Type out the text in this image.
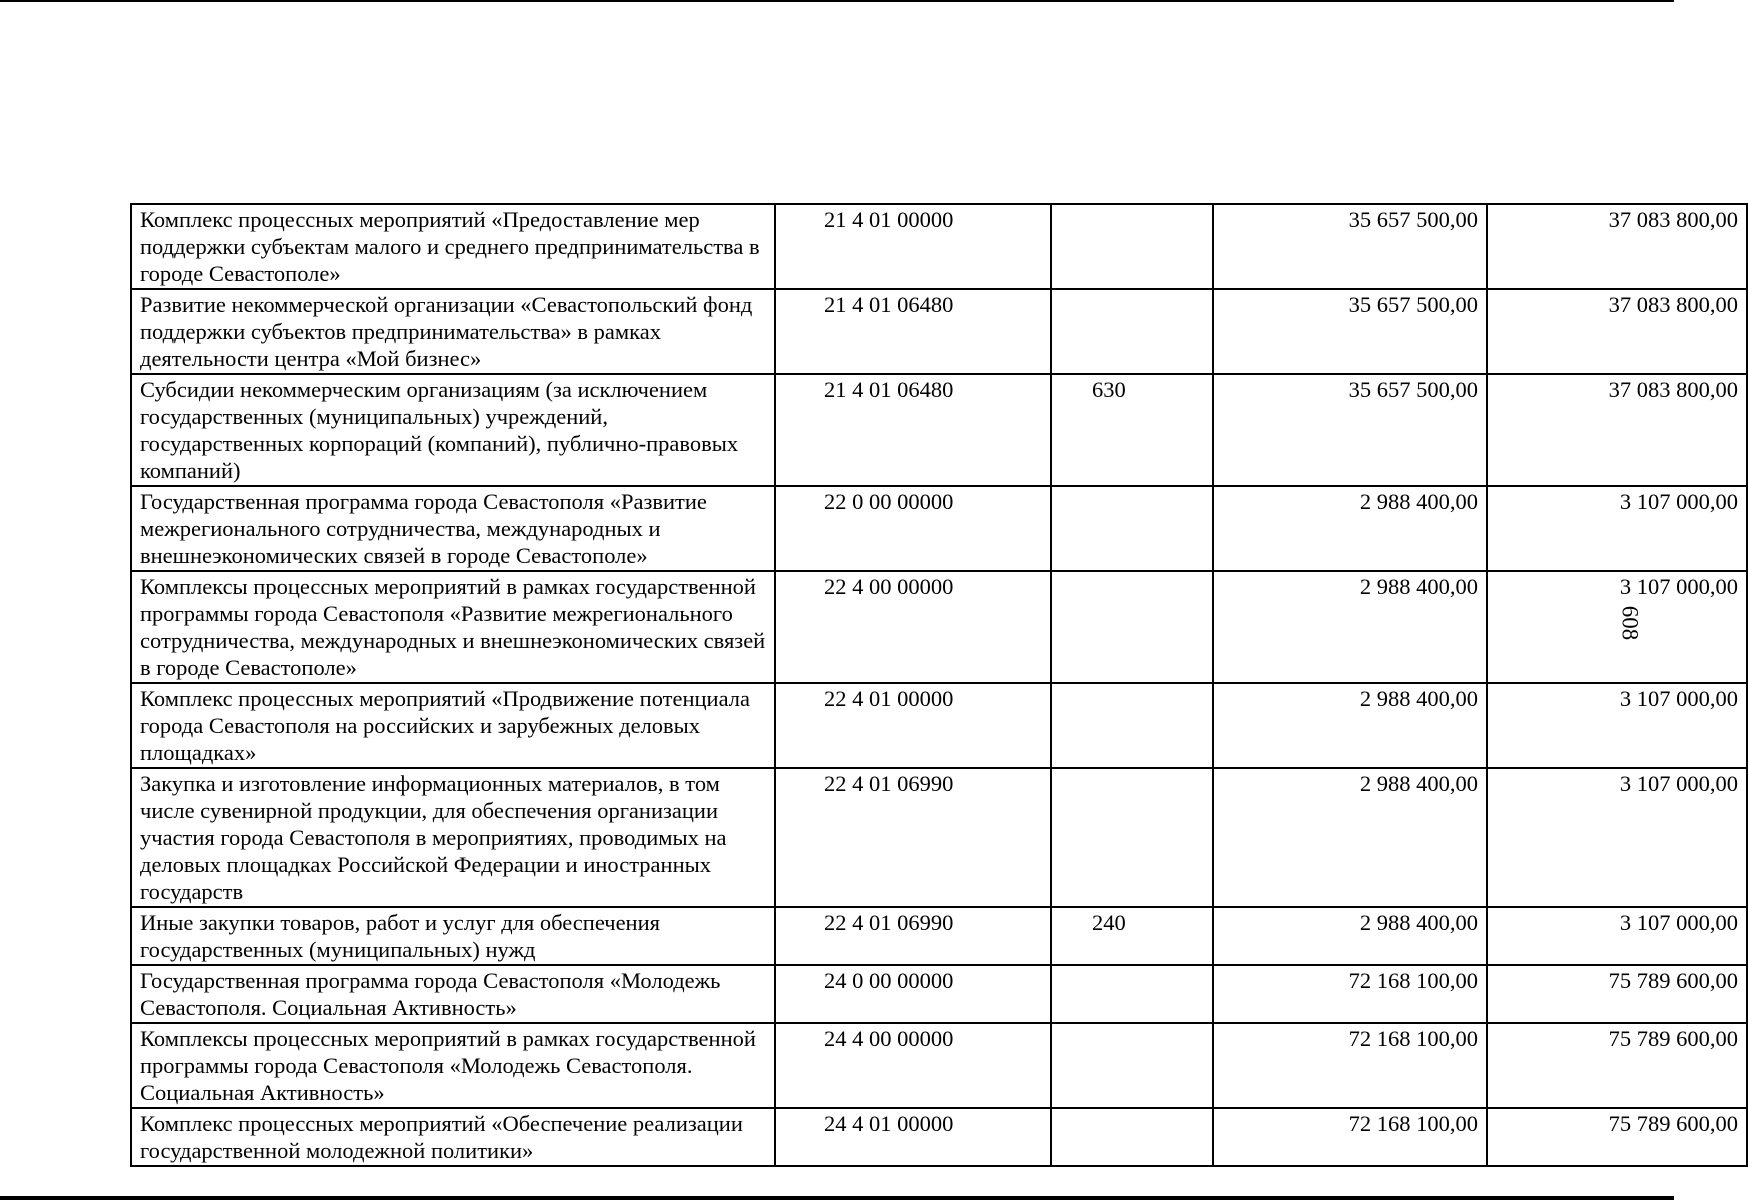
Комплекс процессных мероприятий «Предоставление мер поддержки субъектам малого и среднего предпринимательства в городе Севастополе»	21 4 01 00000		35 657 500,00	37 083 800,00
Развитие некоммерческой организации «Севастопольский фонд поддержки субъектов предпринимательства» в рамках деятельности центра «Мой бизнес»	21 4 01 06480		35 657 500,00	37 083 800,00
Субсидии некоммерческим организациям (за исключением государственных (муниципальных) учреждений, государственных корпораций (компаний), публично-правовых компаний)	21 4 01 06480	630	35 657 500,00	37 083 800,00
Государственная программа города Севастополя «Развитие межрегионального сотрудничества, международных и внешнеэкономических связей в городе Севастополе»	22 0 00 00000		2 988 400,00	3 107 000,00
Комплексы процессных мероприятий в рамках государственной программы города Севастополя «Развитие межрегионального сотрудничества, международных и внешнеэкономических связей в городе Севастополе»	22 4 00 00000		2 988 400,00	3 107 000,00
Комплекс процессных мероприятий «Продвижение потенциала города Севастополя на российских и зарубежных деловых площадках»	22 4 01 00000		2 988 400,00	3 107 000,00
Закупка и изготовление информационных материалов, в том числе сувенирной продукции, для обеспечения организации участия города Севастополя в мероприятиях, проводимых на деловых площадках Российской Федерации и иностранных государств	22 4 01 06990		2 988 400,00	3 107 000,00
Иные закупки товаров, работ и услуг для обеспечения государственных (муниципальных) нужд	22 4 01 06990	240	2 988 400,00	3 107 000,00
Государственная программа города Севастополя «Молодежь Севастополя. Социальная Активность»	24 0 00 00000		72 168 100,00	75 789 600,00
Комплексы процессных мероприятий в рамках государственной программы города Севастополя «Молодежь Севастополя. Социальная Активность»	24 4 00 00000		72 168 100,00	75 789 600,00
Комплекс процессных мероприятий «Обеспечение реализации государственной молодежной политики»	24 4 01 00000		72 168 100,00	75 789 600,00
608
